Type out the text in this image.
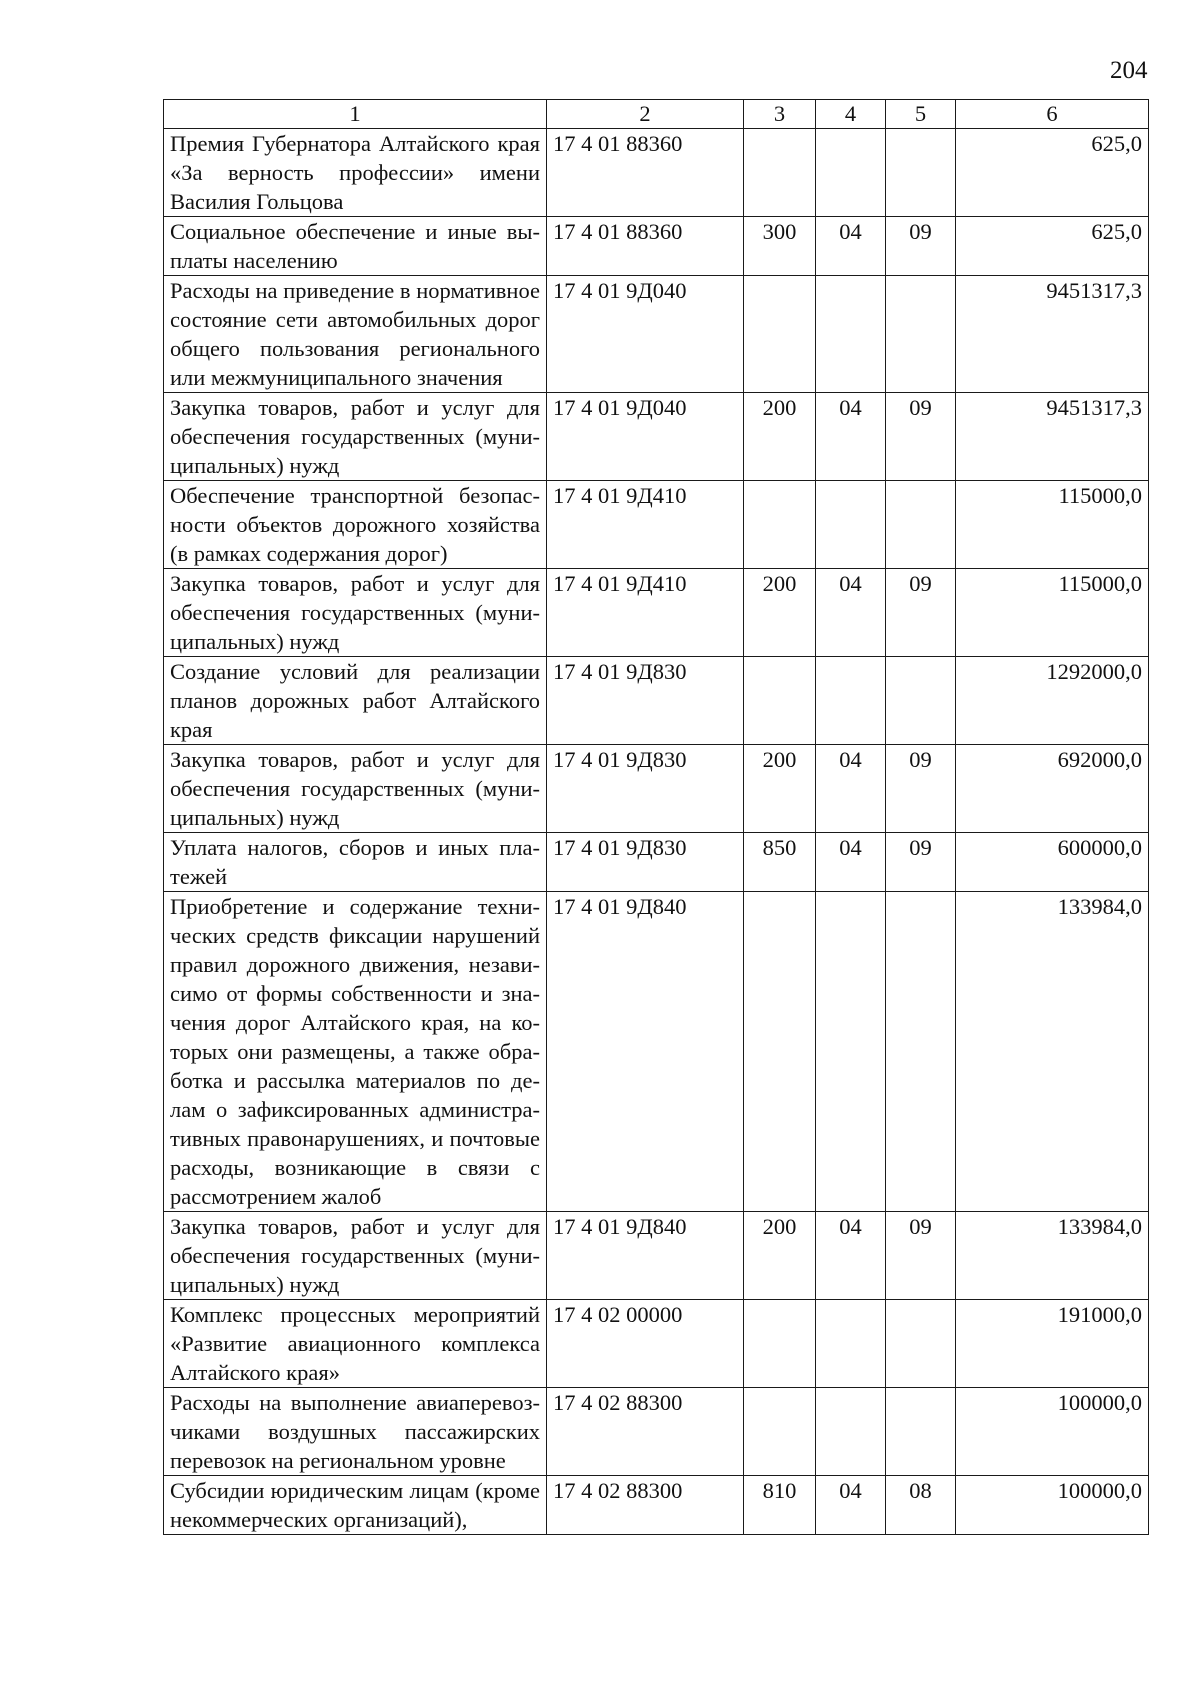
204
1	2	3	4	5	6
Премия Губернатора Алтайского края «За верность профессии» имени Василия Гольцова	17 4 01 88360				625,0
Социальное обеспечение и иные выплаты населению	17 4 01 88360	300	04	09	625,0
Расходы на приведение в нормативное состояние сети автомобильных дорог общего пользования регионального или межмуниципального значения	17 4 01 9Д040				9451317,3
Закупка товаров, работ и услуг для обеспечения государственных (муниципальных) нужд	17 4 01 9Д040	200	04	09	9451317,3
Обеспечение транспортной безопасности объектов дорожного хозяйства (в рамках содержания дорог)	17 4 01 9Д410				115000,0
Закупка товаров, работ и услуг для обеспечения государственных (муниципальных) нужд	17 4 01 9Д410	200	04	09	115000,0
Создание условий для реализации планов дорожных работ Алтайского края	17 4 01 9Д830				1292000,0
Закупка товаров, работ и услуг для обеспечения государственных (муниципальных) нужд	17 4 01 9Д830	200	04	09	692000,0
Уплата налогов, сборов и иных платежей	17 4 01 9Д830	850	04	09	600000,0
Приобретение и содержание технических средств фиксации нарушений правил дорожного движения, независимо от формы собственности и значения дорог Алтайского края, на которых они размещены, а также обработка и рассылка материалов по делам о зафиксированных административных правонарушениях, и почтовые расходы, возникающие в связи с рассмотрением жалоб	17 4 01 9Д840				133984,0
Закупка товаров, работ и услуг для обеспечения государственных (муниципальных) нужд	17 4 01 9Д840	200	04	09	133984,0
Комплекс процессных мероприятий «Развитие авиационного комплекса Алтайского края»	17 4 02 00000				191000,0
Расходы на выполнение авиаперевозчиками воздушных пассажирских перевозок на региональном уровне	17 4 02 88300				100000,0
Субсидии юридическим лицам (кроме некоммерческих организаций),	17 4 02 88300	810	04	08	100000,0
